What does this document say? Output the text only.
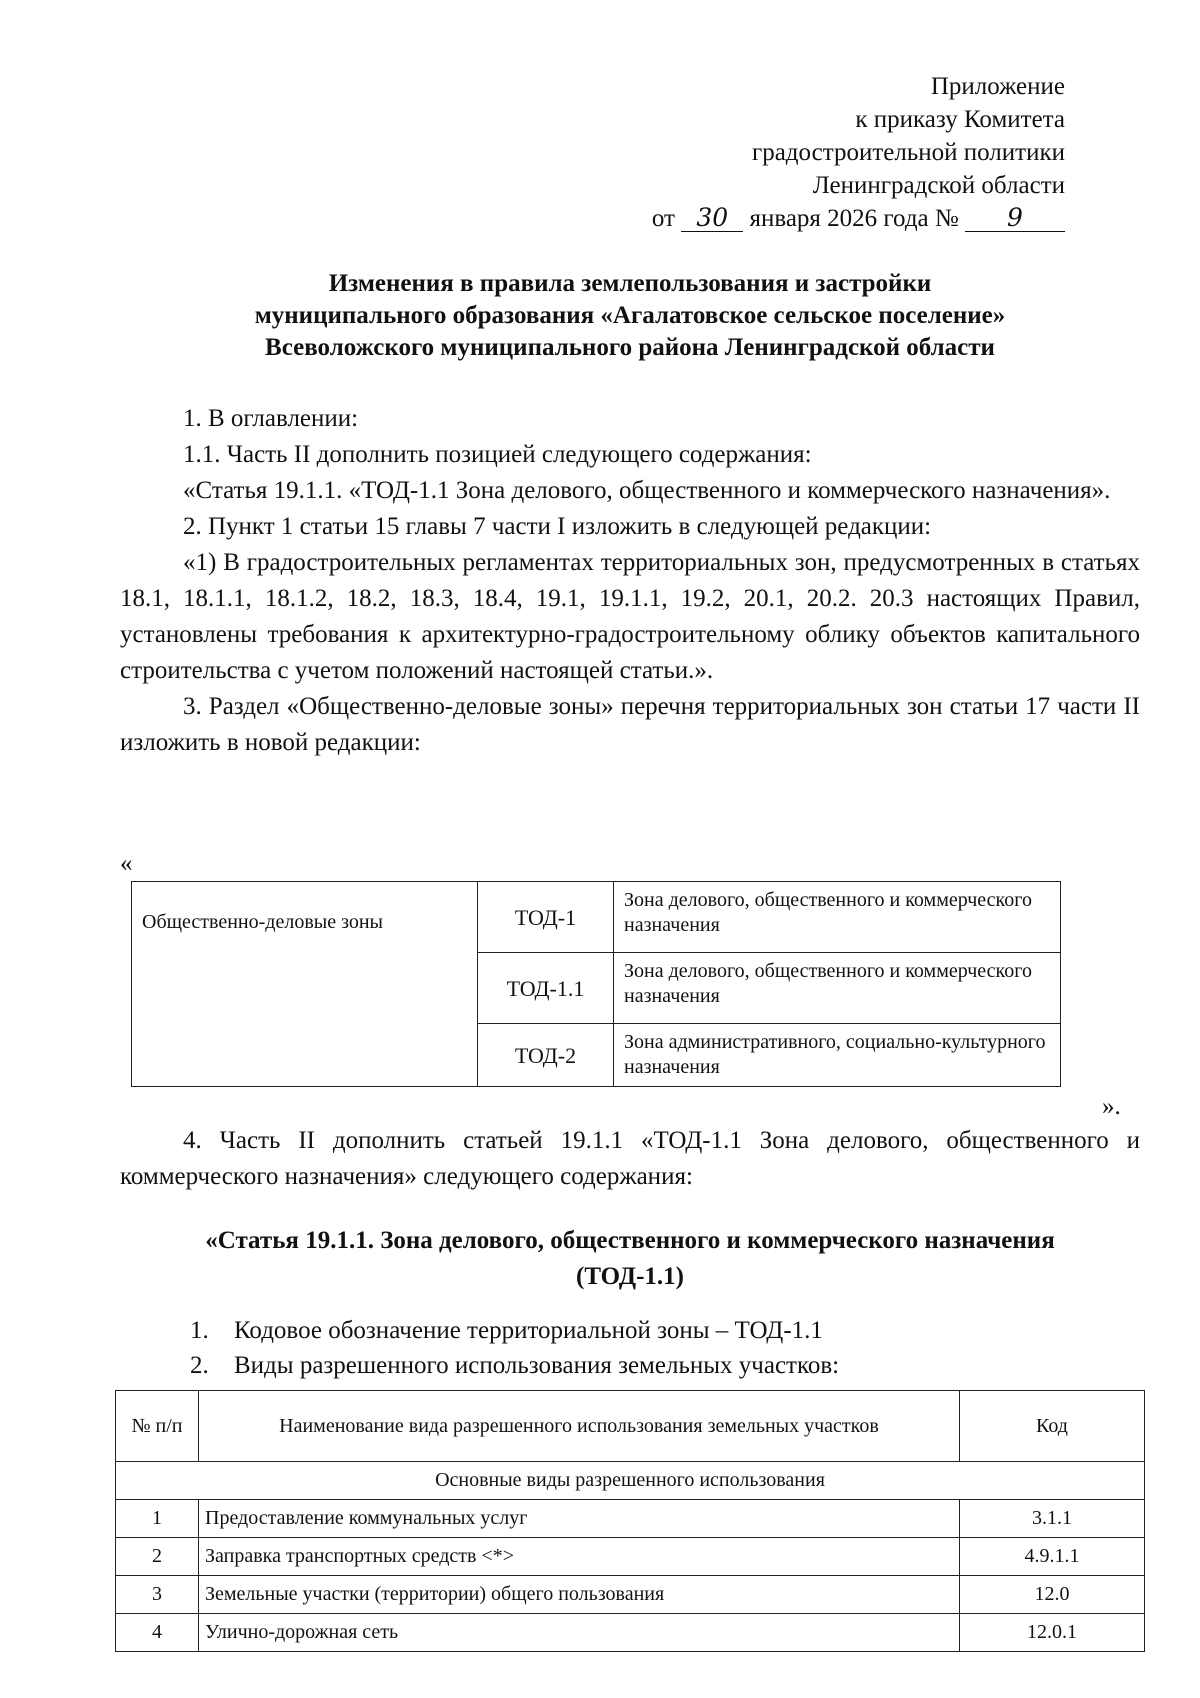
Приложение
к приказу Комитета
градостроительной политики
Ленинградской области
от 30 января 2026 года № 9
Изменения в правила землепользования и застройки
муниципального образования «Агалатовское сельское поселение»
Всеволожского муниципального района Ленинградской области

1. В оглавлении:

1.1. Часть II дополнить позицией следующего содержания:

«Статья 19.1.1. «ТОД-1.1 Зона делового, общественного и коммерческого назначения».

2. Пункт 1 статьи 15 главы 7 части I изложить в следующей редакции:

«1) В градостроительных регламентах территориальных зон, предусмотренных в статьях 18.1, 18.1.1, 18.1.2, 18.2, 18.3, 18.4, 19.1, 19.1.1, 19.2, 20.1, 20.2. 20.3 настоящих Правил, установлены требования к архитектурно-градостроительному облику объектов капитального строительства с учетом положений настоящей статьи.».

3. Раздел «Общественно-деловые зоны» перечня территориальных зон статьи 17 части II изложить в новой редакции:

«
Общественно-деловые зоны	ТОД-1	Зона делового, общественного и коммерческого назначения
	ТОД-1.1	Зона делового, общественного и коммерческого назначения
	ТОД-2	Зона административного, социально-культурного назначения
».

4. Часть II дополнить статьей 19.1.1 «ТОД-1.1 Зона делового, общественного и коммерческого назначения» следующего содержания:

«Статья 19.1.1. Зона делового, общественного и коммерческого назначения
(ТОД-1.1)
1. Кодовое обозначение территориальной зоны – ТОД-1.1
2. Виды разрешенного использования земельных участков:
№ п/п	Наименование вида разрешенного использования земельных участков	Код
Основные виды разрешенного использования		
1	Предоставление коммунальных услуг	3.1.1
2	Заправка транспортных средств <*>	4.9.1.1
3	Земельные участки (территории) общего пользования	12.0
4	Улично-дорожная сеть	12.0.1
